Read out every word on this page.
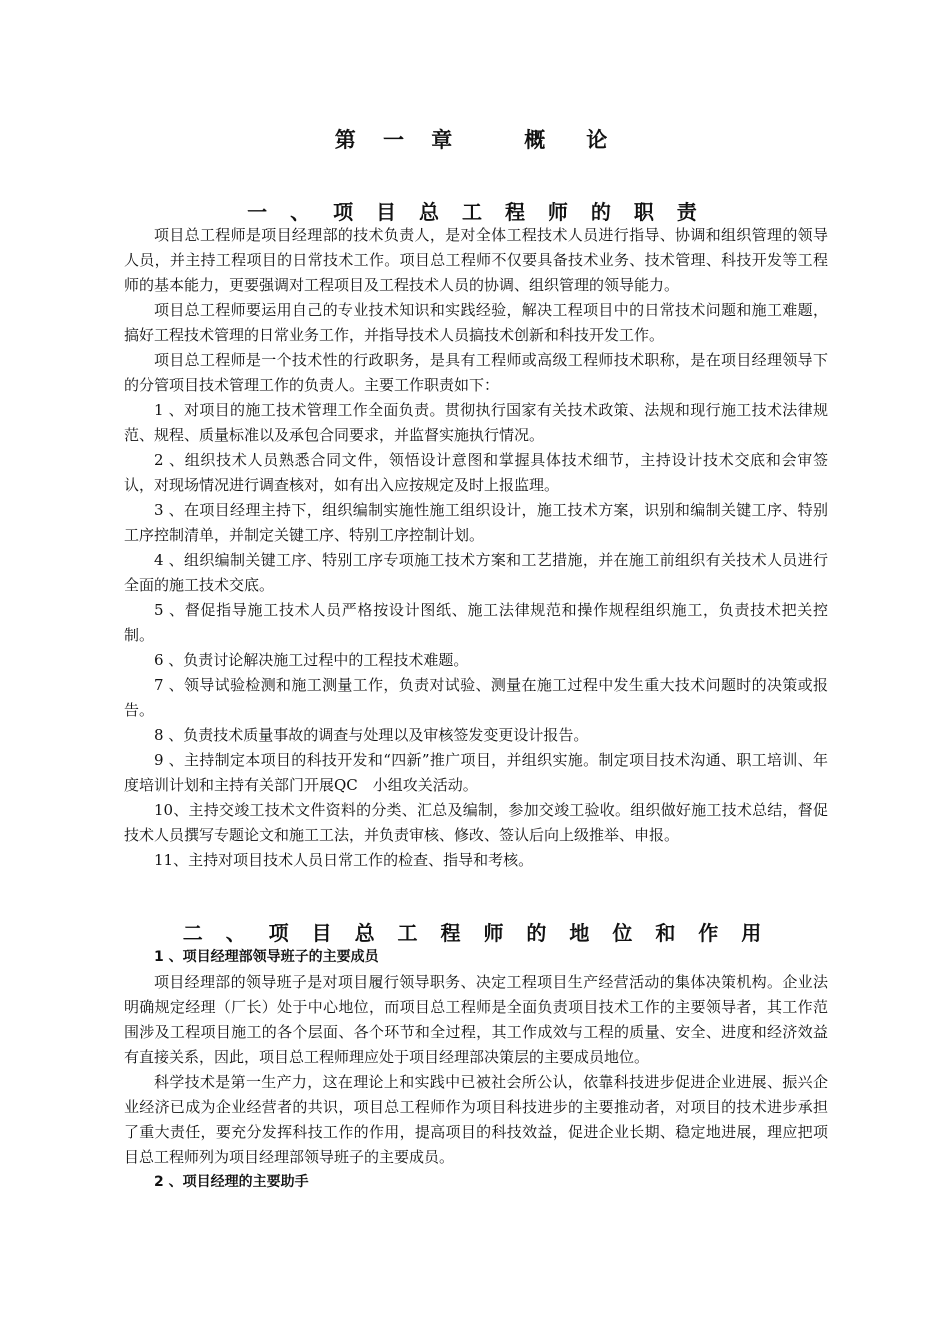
第 一 章　　概　论
一 、 项 目 总 工 程 师 的 职 责

项目总工程师是项目经理部的技术负责人，是对全体工程技术人员进行指导、协调和组织管理的领导人员，并主持工程项目的日常技术工作。项目总工程师不仅要具备技术业务、技术管理、科技开发等工程师的基本能力，更要强调对工程项目及工程技术人员的协调、组织管理的领导能力。

项目总工程师要运用自己的专业技术知识和实践经验，解决工程项目中的日常技术问题和施工难题，搞好工程技术管理的日常业务工作，并指导技术人员搞技术创新和科技开发工作。

项目总工程师是一个技术性的行政职务，是具有工程师或高级工程师技术职称，是在项目经理领导下的分管项目技术管理工作的负责人。主要工作职责如下：

1 、对项目的施工技术管理工作全面负责。贯彻执行国家有关技术政策、法规和现行施工技术法律规范、规程、质量标准以及承包合同要求，并监督实施执行情况。

2 、组织技术人员熟悉合同文件，领悟设计意图和掌握具体技术细节，主持设计技术交底和会审签认，对现场情况进行调查核对，如有出入应按规定及时上报监理。

3 、在项目经理主持下，组织编制实施性施工组织设计，施工技术方案，识别和编制关键工序、特别工序控制清单，并制定关键工序、特别工序控制计划。

4 、组织编制关键工序、特别工序专项施工技术方案和工艺措施，并在施工前组织有关技术人员进行全面的施工技术交底。

5 、督促指导施工技术人员严格按设计图纸、施工法律规范和操作规程组织施工，负责技术把关控制。

6 、负责讨论解决施工过程中的工程技术难题。

7 、领导试验检测和施工测量工作，负责对试验、测量在施工过程中发生重大技术问题时的决策或报告。

8 、负责技术质量事故的调查与处理以及审核签发变更设计报告。

9 、主持制定本项目的科技开发和“四新”推广项目，并组织实施。制定项目技术沟通、职工培训、年度培训计划和主持有关部门开展QC　小组攻关活动。

10、主持交竣工技术文件资料的分类、汇总及编制，参加交竣工验收。组织做好施工技术总结，督促技术人员撰写专题论文和施工工法，并负责审核、修改、签认后向上级推举、申报。

11、主持对项目技术人员日常工作的检查、指导和考核。

二 、 项 目 总 工 程 师 的 地 位 和 作 用

1 、项目经理部领导班子的主要成员

项目经理部的领导班子是对项目履行领导职务、决定工程项目生产经营活动的集体决策机构。企业法明确规定经理（厂长）处于中心地位，而项目总工程师是全面负责项目技术工作的主要领导者，其工作范围涉及工程项目施工的各个层面、各个环节和全过程，其工作成效与工程的质量、安全、进度和经济效益有直接关系，因此，项目总工程师理应处于项目经理部决策层的主要成员地位。

科学技术是第一生产力，这在理论上和实践中已被社会所公认，依靠科技进步促进企业进展、振兴企业经济已成为企业经营者的共识，项目总工程师作为项目科技进步的主要推动者，对项目的技术进步承担了重大责任，要充分发挥科技工作的作用，提高项目的科技效益，促进企业长期、稳定地进展，理应把项目总工程师列为项目经理部领导班子的主要成员。

2 、项目经理的主要助手
